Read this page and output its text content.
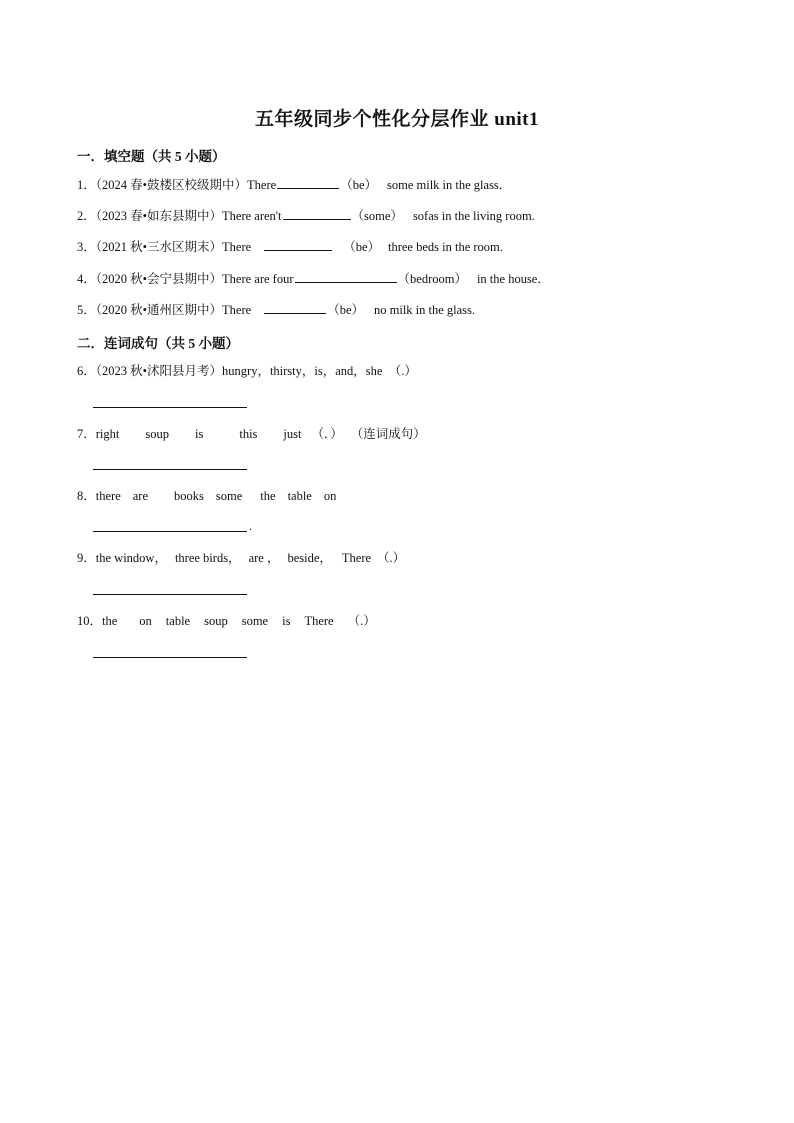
五年级同步个性化分层作业 unit1
一．填空题（共 5 小题）
1．（2024 春•鼓楼区校级期中）There	（be） some milk in the glass．
2．（2023 春•如东县期中）There aren't	（some） sofas in the living room.
3．（2021 秋•三水区期末）There	（be） three beds in the room.
4．（2020 秋•会宁县期中）There are four	（bedroom） in the house．
5．（2020 秋•通州区期中）There	（be） no milk in the glass.
二．连词成句（共 5 小题）
6．（2023 秋•沭阳县月考）hungry，thirsty，is，and，she  （.）
7．right soup is	this just （．） （连词成句）
8．there are books some the table on
.
9．the window， three birds， are ， beside， There （.）
10．the on table soup some is There （.）
